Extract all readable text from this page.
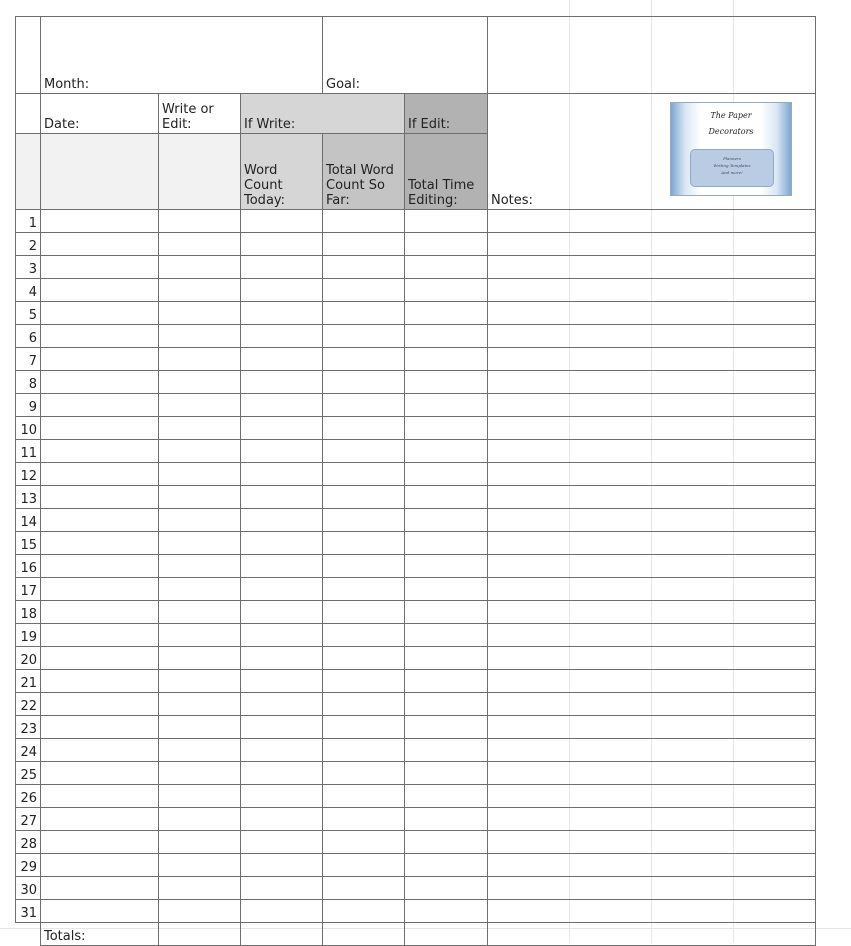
	Month:			Goal:		
	Date:	Write or Edit:	If Write:		If Edit:	Notes:
			Word Count Today:	Total Word Count So Far:	Total Time Editing:	
1						
2						
3						
4						
5						
6						
7						
8						
9						
10						
11						
12						
13						
14						
15						
16						
17						
18						
19						
20						
21						
22						
23						
24						
25						
26						
27						
28						
29						
30						
31						
	Totals:					
The Paper
Decorators
Planners
Writing Templates
And more!
